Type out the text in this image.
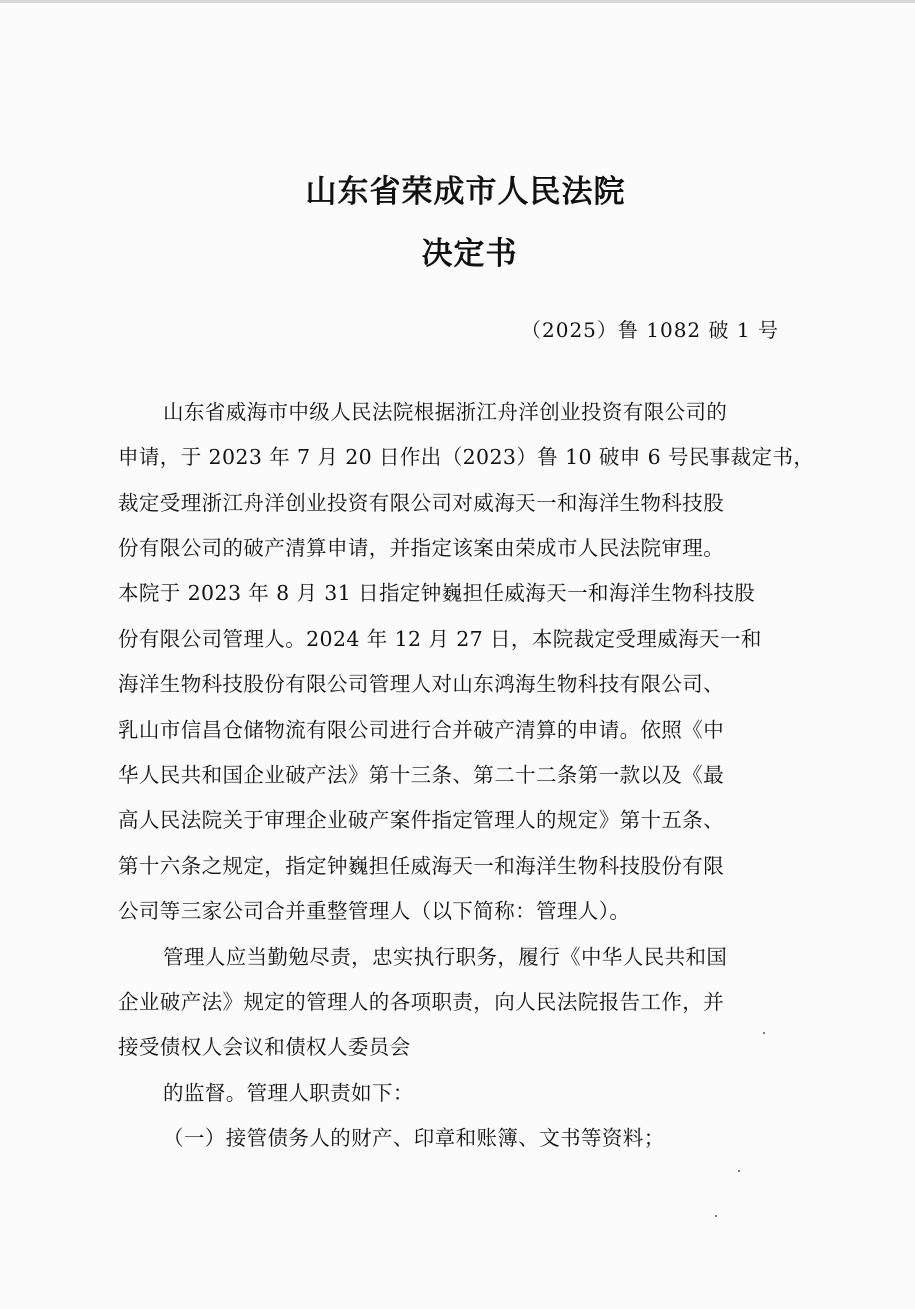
山东省荣成市人民法院
决定书
（2025）鲁 1082 破 1 号
山东省威海市中级人民法院根据浙江舟洋创业投资有限公司的
申请，于 2023 年 7 月 20 日作出（2023）鲁 10 破申 6 号民事裁定书，
裁定受理浙江舟洋创业投资有限公司对威海天一和海洋生物科技股
份有限公司的破产清算申请，并指定该案由荣成市人民法院审理。
本院于 2023 年 8 月 31 日指定钟巍担任威海天一和海洋生物科技股
份有限公司管理人。2024 年 12 月 27 日，本院裁定受理威海天一和
海洋生物科技股份有限公司管理人对山东鸿海生物科技有限公司、
乳山市信昌仓储物流有限公司进行合并破产清算的申请。依照《中
华人民共和国企业破产法》第十三条、第二十二条第一款以及《最
高人民法院关于审理企业破产案件指定管理人的规定》第十五条、
第十六条之规定，指定钟巍担任威海天一和海洋生物科技股份有限
公司等三家公司合并重整管理人（以下简称：管理人）。
管理人应当勤勉尽责，忠实执行职务，履行《中华人民共和国
企业破产法》规定的管理人的各项职责，向人民法院报告工作，并
接受债权人会议和债权人委员会
的监督。管理人职责如下：
（一）接管债务人的财产、印章和账簿、文书等资料；
